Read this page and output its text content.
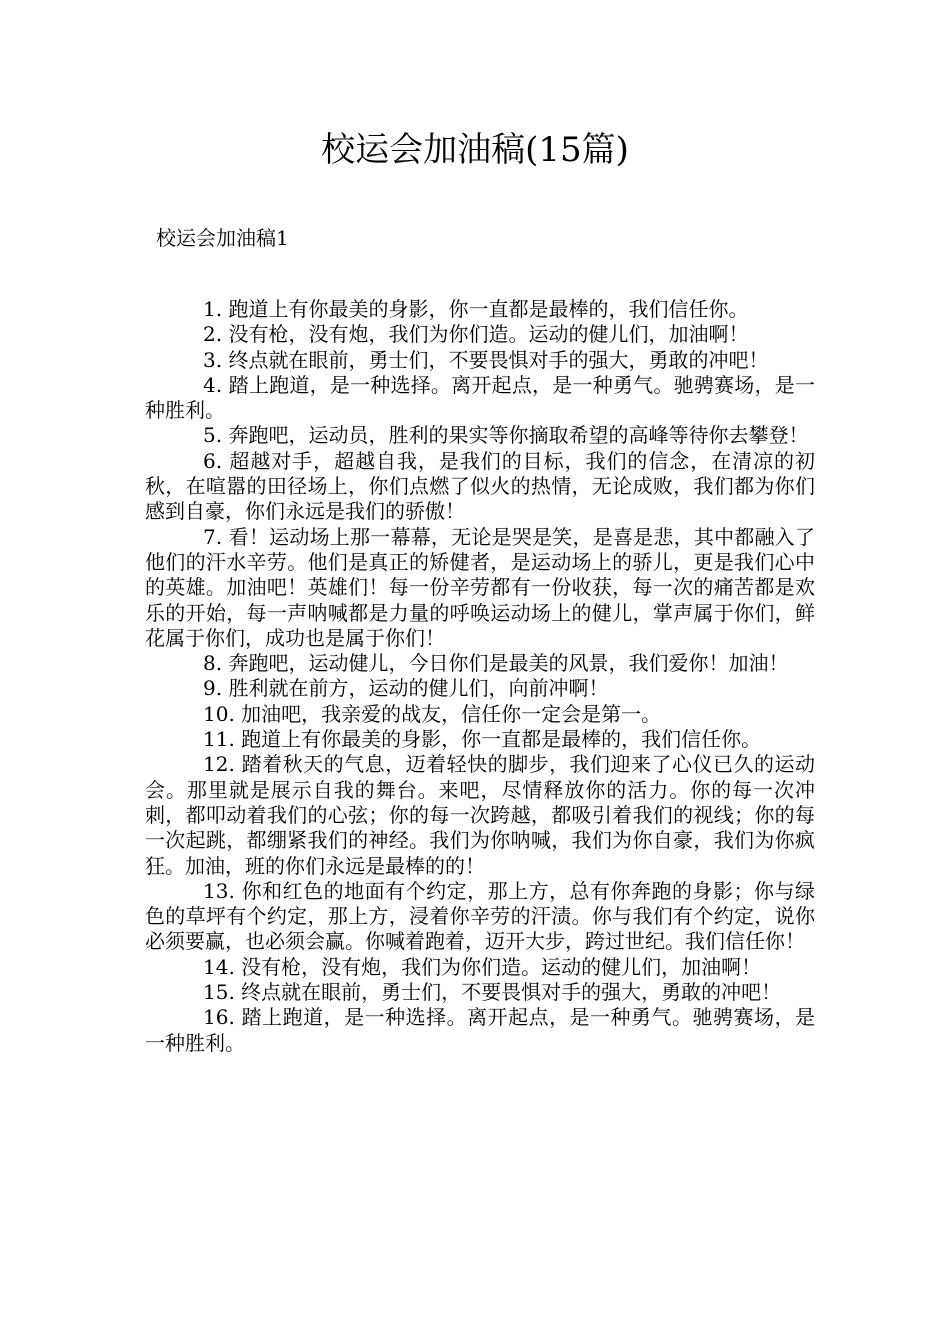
校运会加油稿(15篇)
校运会加油稿1

1. 跑道上有你最美的身影，你一直都是最棒的，我们信任你。

2. 没有枪，没有炮，我们为你们造。运动的健儿们，加油啊！

3. 终点就在眼前，勇士们，不要畏惧对手的强大，勇敢的冲吧！

4. 踏上跑道，是一种选择。离开起点，是一种勇气。驰骋赛场，是一种胜利。

5. 奔跑吧，运动员，胜利的果实等你摘取希望的高峰等待你去攀登！

6. 超越对手，超越自我，是我们的目标，我们的信念，在清凉的初秋，在喧嚣的田径场上，你们点燃了似火的热情，无论成败，我们都为你们感到自豪，你们永远是我们的骄傲！

7. 看！运动场上那一幕幕，无论是哭是笑，是喜是悲，其中都融入了他们的汗水辛劳。他们是真正的矫健者，是运动场上的骄儿，更是我们心中的英雄。加油吧！英雄们！每一份辛劳都有一份收获，每一次的痛苦都是欢乐的开始，每一声呐喊都是力量的呼唤运动场上的健儿，掌声属于你们，鲜花属于你们，成功也是属于你们！

8. 奔跑吧，运动健儿，今日你们是最美的风景，我们爱你！加油！

9. 胜利就在前方，运动的健儿们，向前冲啊！

10. 加油吧，我亲爱的战友，信任你一定会是第一。

11. 跑道上有你最美的身影，你一直都是最棒的，我们信任你。

12. 踏着秋天的气息，迈着轻快的脚步，我们迎来了心仪已久的运动会。那里就是展示自我的舞台。来吧，尽情释放你的活力。你的每一次冲刺，都叩动着我们的心弦；你的每一次跨越，都吸引着我们的视线；你的每一次起跳，都绷紧我们的神经。我们为你呐喊，我们为你自豪，我们为你疯狂。加油，班的你们永远是最棒的的！

13. 你和红色的地面有个约定，那上方，总有你奔跑的身影；你与绿色的草坪有个约定，那上方，浸着你辛劳的汗渍。你与我们有个约定，说你必须要赢，也必须会赢。你喊着跑着，迈开大步，跨过世纪。我们信任你！

14. 没有枪，没有炮，我们为你们造。运动的健儿们，加油啊！

15. 终点就在眼前，勇士们，不要畏惧对手的强大，勇敢的冲吧！

16. 踏上跑道，是一种选择。离开起点，是一种勇气。驰骋赛场，是一种胜利。
